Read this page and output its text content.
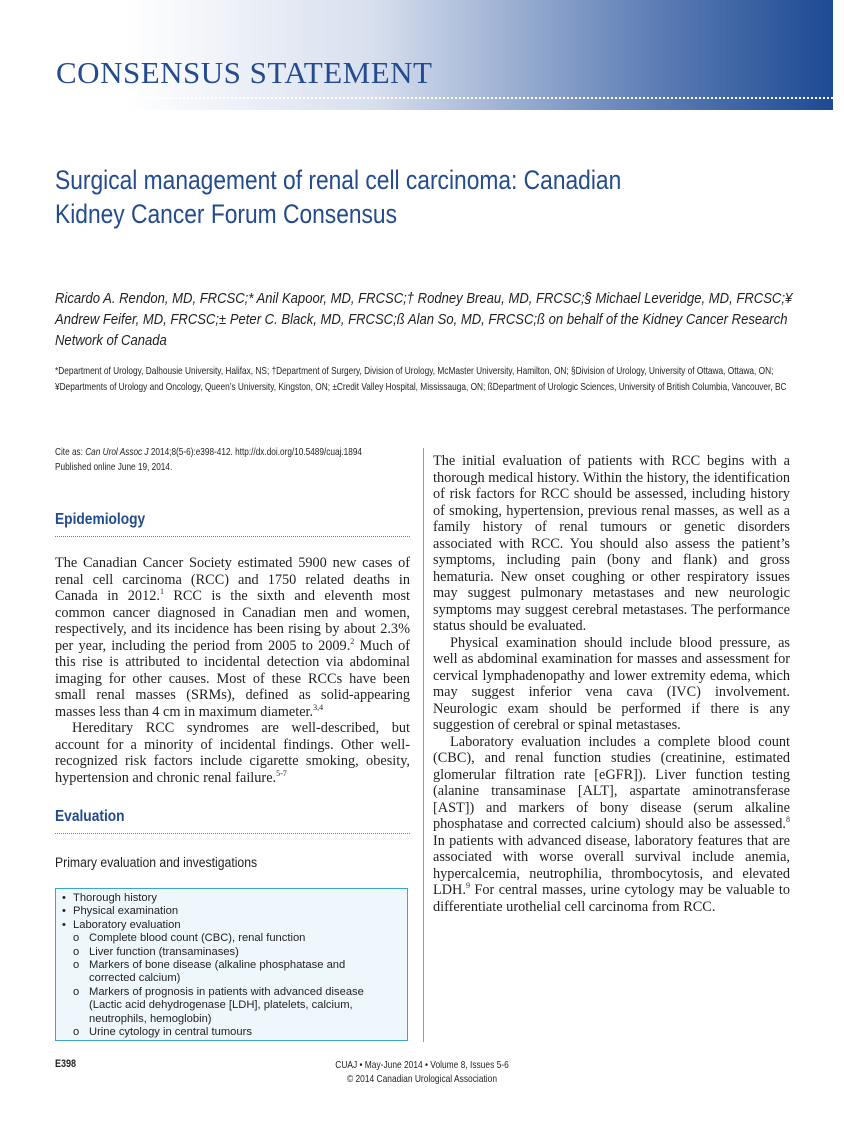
CONSENSUS STATEMENT
Surgical management of renal cell carcinoma: Canadian Kidney Cancer Forum Consensus

Ricardo A. Rendon, MD, FRCSC;* Anil Kapoor, MD, FRCSC;† Rodney Breau, MD, FRCSC;§ Michael Leveridge, MD, FRCSC;¥ Andrew Feifer, MD, FRCSC;± Peter C. Black, MD, FRCSC;ß Alan So, MD, FRCSC;ß on behalf of the Kidney Cancer Research Network of Canada

*Department of Urology, Dalhousie University, Halifax, NS; †Department of Surgery, Division of Urology, McMaster University, Hamilton, ON; §Division of Urology, University of Ottawa, Ottawa, ON;
¥Departments of Urology and Oncology, Queen’s University, Kingston, ON; ±Credit Valley Hospital, Mississauga, ON; ßDepartment of Urologic Sciences, University of British Columbia, Vancouver, BC
Cite as: Can Urol Assoc J 2014;8(5-6):e398-412. http://dx.doi.org/10.5489/cuaj.1894
Published online June 19, 2014.
Epidemiology

The Canadian Cancer Society estimated 5900 new cases of renal cell carcinoma (RCC) and 1750 related deaths in Canada in 2012.$^1$ RCC is the sixth and eleventh most common cancer diagnosed in Canadian men and women, respectively, and its incidence has been rising by about 2.3% per year, including the period from 2005 to 2009.$^2$ Much of this rise is attributed to incidental detection via abdominal imaging for other causes. Most of these RCCs have been small renal masses (SRMs), defined as solid-appearing masses less than 4 cm in maximum diameter.$^{3,4}$

Hereditary RCC syndromes are well-described, but account for a minority of incidental findings. Other well-recognized risk factors include cigarette smoking, obesity, hypertension and chronic renal failure.$^{5-7}$

Evaluation
Primary evaluation and investigations
• Thorough history
• Physical examination
• Laboratory evaluation
o Complete blood count (CBC), renal function
o Liver function (transaminases)
o Markers of bone disease (alkaline phosphatase and corrected calcium)
o Markers of prognosis in patients with advanced disease (Lactic acid dehydrogenase [LDH], platelets, calcium, neutrophils, hemoglobin)
o Urine cytology in central tumours

The initial evaluation of patients with RCC begins with a thorough medical history. Within the history, the identification of risk factors for RCC should be assessed, including history of smoking, hypertension, previous renal masses, as well as a family history of renal tumours or genetic disorders associated with RCC. You should also assess the patient’s symptoms, including pain (bony and flank) and gross hematuria. New onset coughing or other respiratory issues may suggest pulmonary metastases and new neurologic symptoms may suggest cerebral metastases. The performance status should be evaluated.

Physical examination should include blood pressure, as well as abdominal examination for masses and assessment for cervical lymphadenopathy and lower extremity edema, which may suggest inferior vena cava (IVC) involvement. Neurologic exam should be performed if there is any suggestion of cerebral or spinal metastases.

Laboratory evaluation includes a complete blood count (CBC), and renal function studies (creatinine, estimated glomerular filtration rate [eGFR]). Liver function testing (alanine transaminase [ALT], aspartate aminotransferase [AST]) and markers of bony disease (serum alkaline phosphatase and corrected calcium) should also be assessed.$^8$ In patients with advanced disease, laboratory features that are associated with worse overall survival include anemia, hypercalcemia, neutrophilia, thrombocytosis, and elevated LDH.$^9$ For central masses, urine cytology may be valuable to differentiate urothelial cell carcinoma from RCC.

E398	CUAJ • May-June 2014 • Volume 8, Issues 5-6
© 2014 Canadian Urological Association
